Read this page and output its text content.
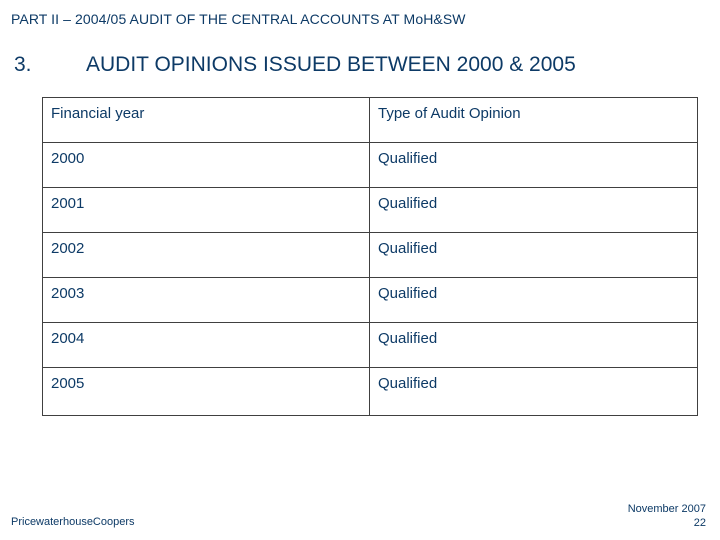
PART II – 2004/05 AUDIT OF THE CENTRAL ACCOUNTS AT MoH&SW
3.	AUDIT OPINIONS ISSUED BETWEEN 2000 & 2005
Financial year	Type of Audit Opinion

2000	Qualified

2001	Qualified

2002	Qualified

2003	Qualified

2004	Qualified

2005	Qualified
PricewaterhouseCoopers
November 2007
22
